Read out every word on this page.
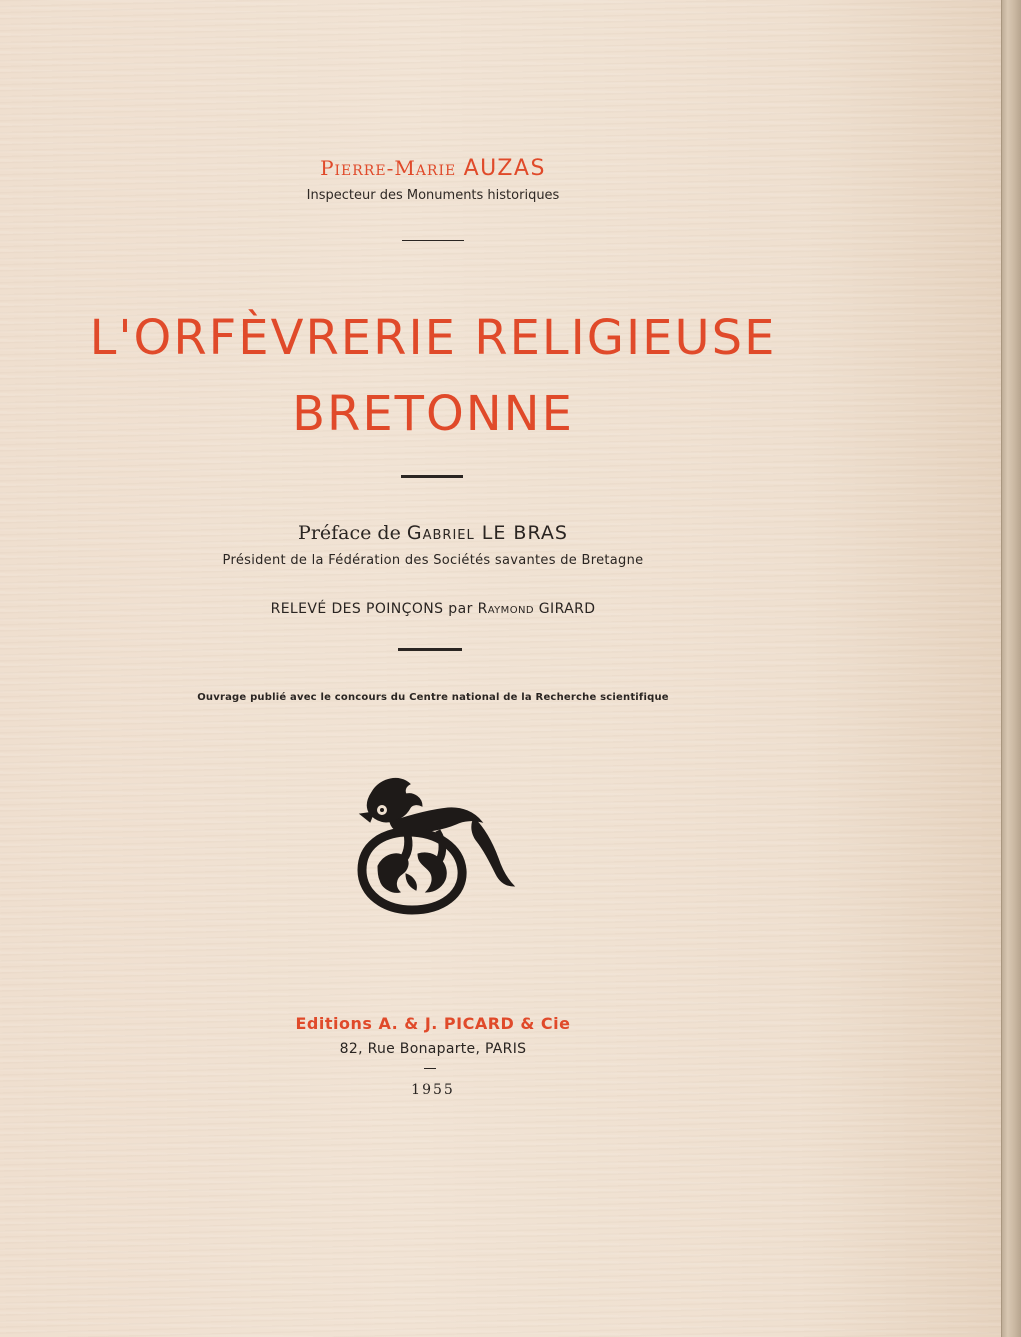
Pierre-Marie AUZAS
Inspecteur des Monuments historiques
L'ORFÈVRERIE RELIGIEUSE
BRETONNE
Préface de Gabriel LE BRAS
Président de la Fédération des Sociétés savantes de Bretagne
RELEVÉ DES POINÇONS par Raymond GIRARD
Ouvrage publié avec le concours du Centre national de la Recherche scientifique
Editions A. & J. PICARD & Cie
82, Rue Bonaparte, PARIS
1955
